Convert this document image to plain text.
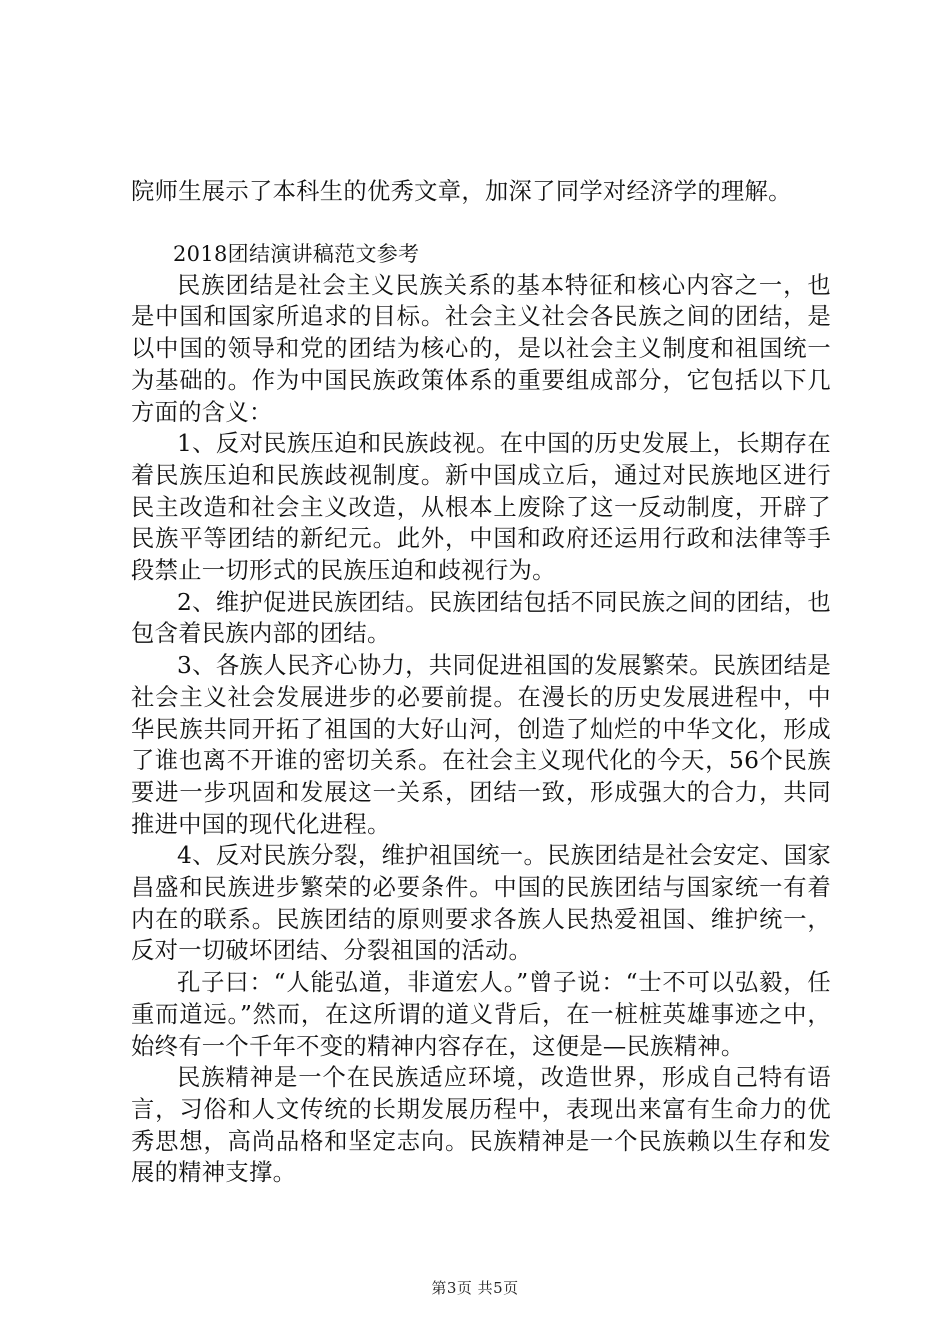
院师生展示了本科生的优秀文章，加深了同学对经济学的理解。

2018团结演讲稿范文参考

民族团结是社会主义民族关系的基本特征和核心内容之一，也是中国和国家所追求的目标。社会主义社会各民族之间的团结，是以中国的领导和党的团结为核心的，是以社会主义制度和祖国统一为基础的。作为中国民族政策体系的重要组成部分，它包括以下几方面的含义：

1、反对民族压迫和民族歧视。在中国的历史发展上，长期存在着民族压迫和民族歧视制度。新中国成立后，通过对民族地区进行民主改造和社会主义改造，从根本上废除了这一反动制度，开辟了民族平等团结的新纪元。此外，中国和政府还运用行政和法律等手段禁止一切形式的民族压迫和歧视行为。

2、维护促进民族团结。民族团结包括不同民族之间的团结，也包含着民族内部的团结。

3、各族人民齐心协力，共同促进祖国的发展繁荣。民族团结是社会主义社会发展进步的必要前提。在漫长的历史发展进程中，中华民族共同开拓了祖国的大好山河，创造了灿烂的中华文化，形成了谁也离不开谁的密切关系。在社会主义现代化的今天，56个民族要进一步巩固和发展这一关系，团结一致，形成强大的合力，共同推进中国的现代化进程。

4、反对民族分裂，维护祖国统一。民族团结是社会安定、国家昌盛和民族进步繁荣的必要条件。中国的民族团结与国家统一有着内在的联系。民族团结的原则要求各族人民热爱祖国、维护统一，反对一切破坏团结、分裂祖国的活动。

孔子曰：“人能弘道，非道宏人。”曾子说：“士不可以弘毅，任重而道远。”然而，在这所谓的道义背后，在一桩桩英雄事迹之中，始终有一个千年不变的精神内容存在，这便是—民族精神。

民族精神是一个在民族适应环境，改造世界，形成自己特有语言，习俗和人文传统的长期发展历程中，表现出来富有生命力的优秀思想，高尚品格和坚定志向。民族精神是一个民族赖以生存和发展的精神支撑。

第3页 共5页
